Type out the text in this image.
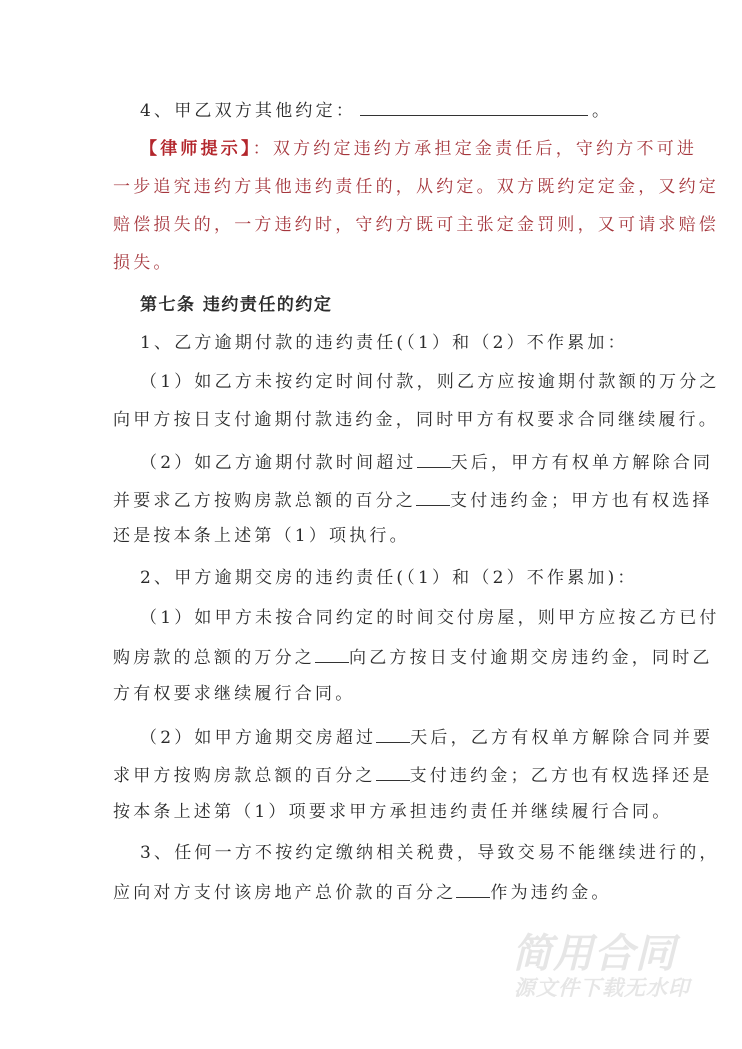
4、甲乙双方其他约定：	。
【律师提示】：双方约定违约方承担定金责任后，守约方不可进
一步追究违约方其他违约责任的，从约定。双方既约定定金，又约定
赔偿损失的，一方违约时，守约方既可主张定金罚则，又可请求赔偿
损失。
第七条 违约责任的约定
1、乙方逾期付款的违约责任(（1）和（2）不作累加：
（1）如乙方未按约定时间付款，则乙方应按逾期付款额的万分之
向甲方按日支付逾期付款违约金，同时甲方有权要求合同继续履行。
（2）如乙方逾期付款时间超过 天后，甲方有权单方解除合同
并要求乙方按购房款总额的百分之 支付违约金；甲方也有权选择
还是按本条上述第（1）项执行。
2、甲方逾期交房的违约责任(（1）和（2）不作累加)：
（1）如甲方未按合同约定的时间交付房屋，则甲方应按乙方已付
购房款的总额的万分之 向乙方按日支付逾期交房违约金，同时乙
方有权要求继续履行合同。
（2）如甲方逾期交房超过 天后，乙方有权单方解除合同并要
求甲方按购房款总额的百分之 支付违约金；乙方也有权选择还是
按本条上述第（1）项要求甲方承担违约责任并继续履行合同。
3、任何一方不按约定缴纳相关税费，导致交易不能继续进行的，
应向对方支付该房地产总价款的百分之 作为违约金。
简用合同
源文件下载无水印
